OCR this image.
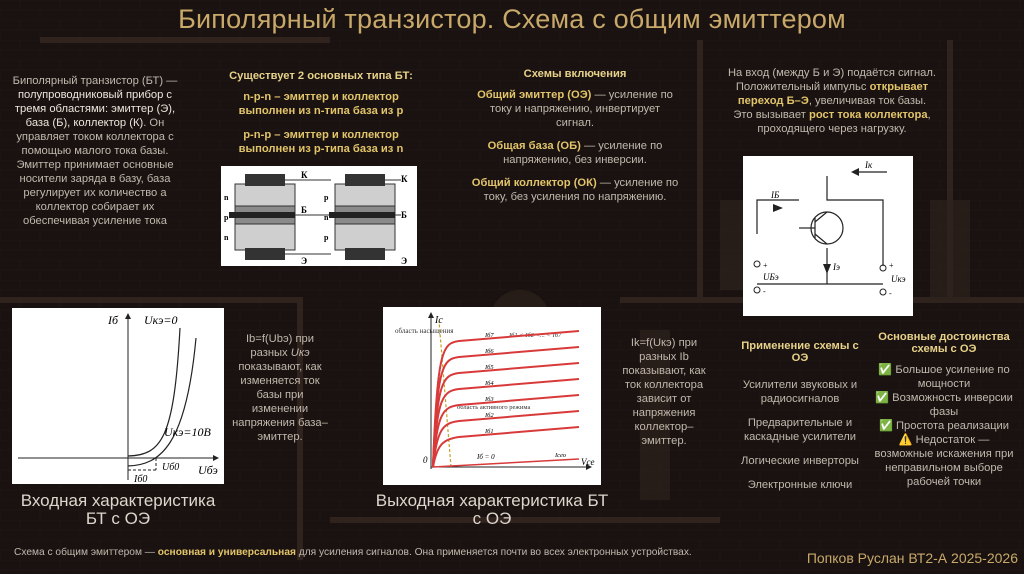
Биполярный транзистор. Схема с общим эмиттером
Биполярный транзистор (БТ) — полупроводниковый прибор с тремя областями: эмиттер (Э), база (Б), коллектор (К). Он управляет током коллектора с помощью малого тока базы. Эмиттер принимает основные носители заряда в базу, база регулирует их количество а коллектор собирает их обеспечивая усиление тока
Существует 2 основных типа БТ:
n-p-n – эмиттер и коллектор выполнен из n-типа база из p
p-n-p – эмиттер и коллектор выполнен из p-типа база из n
К
Б
Э
n
p
n
К
Б
Э
p
n
p
Схемы включения
Общий эмиттер (ОЭ) — усиление по току и напряжению, инвертирует сигнал.
Общая база (ОБ) — усиление по напряжению, без инверсии.
Общий коллектор (ОК) — усиление по току, без усиления по напряжению.
На вход (между Б и Э) подаётся сигнал.
Положительный импульс открывает переход Б–Э, увеличивая ток базы.
Это вызывает рост тока коллектора, проходящего через нагрузку.
Iк
IБ
Iэ
UБэ	Uкэ
+
-
+
-
Iб
Uбэ
Uкэ=0
Uкэ=10В
Iб0
Uб0
Ib=f(Ubэ) при разных Uкэ показывают, как изменяется ток базы при изменении напряжения база–эмиттер.
Ic
Vce
область насыщения
область активного режима
Iб1 < Iб2 <... < Iб7
Iб = 0
0	Iсео
Iб7
Iб6
Iб5
Iб4
Iб3
Iб2
Iб1
Ik=f(Uкэ) при разных Ib показывают, как ток коллектора зависит от напряжения коллектор–эмиттер.
Входная характеристика БТ с ОЭ
Выходная характеристика БТ с ОЭ
Применение схемы с ОЭ
Усилители звуковых и радиосигналов
Предварительные и каскадные усилители
Логические инверторы
Электронные ключи
Основные достоинства схемы с ОЭ
✅ Большое усиление по мощности
✅ Возможность инверсии фазы
✅ Простота реализации
⚠️ Недостаток — возможные искажения при неправильном выборе рабочей точки
Схема с общим эмиттером — основная и универсальная для усиления сигналов. Она применяется почти во всех электронных устройствах.	Попков Руслан ВТ2-А 2025-2026
